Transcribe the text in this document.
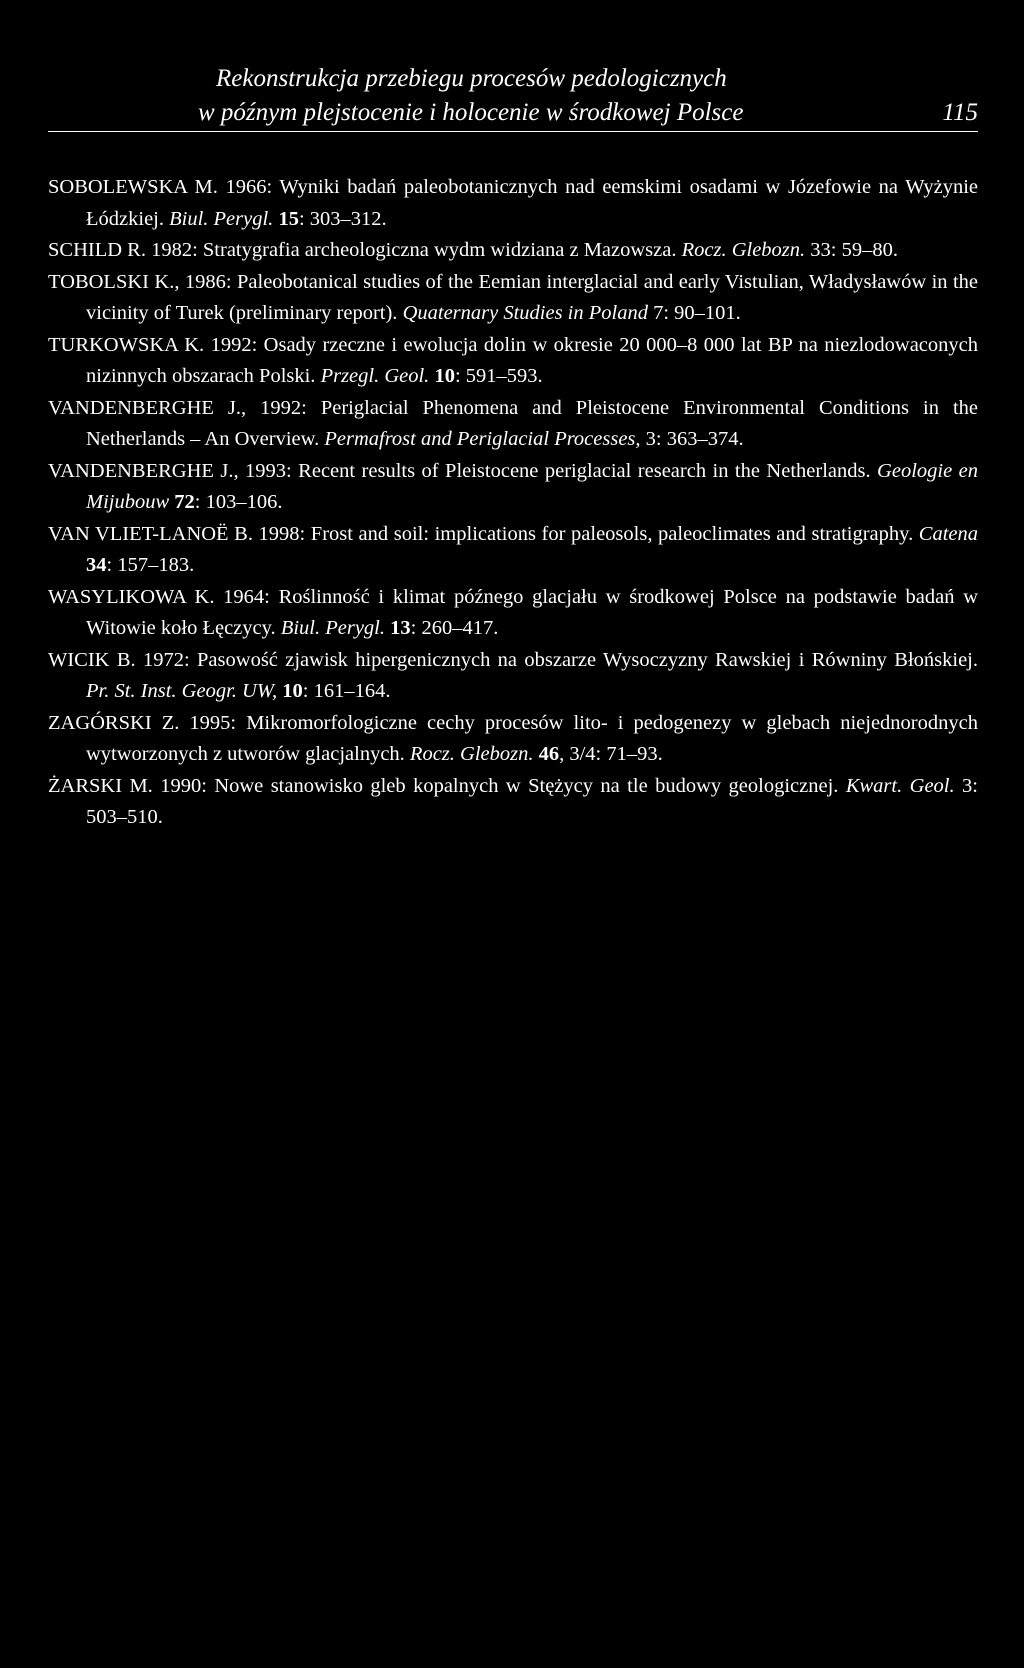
Rekonstrukcja przebiegu procesów pedologicznych
w późnym plejstocenie i holocenie w środkowej Polsce	115
SOBOLEWSKA M. 1966: Wyniki badań paleobotanicznych nad eemskimi osadami w Józefowie na Wyżynie Łódzkiej. Biul. Perygl. 15: 303–312.
SCHILD R. 1982: Stratygrafia archeologiczna wydm widziana z Mazowsza. Rocz. Glebozn. 33: 59–80.
TOBOLSKI K., 1986: Paleobotanical studies of the Eemian interglacial and early Vistulian, Władysławów in the vicinity of Turek (preliminary report). Quaternary Studies in Poland 7: 90–101.
TURKOWSKA K. 1992: Osady rzeczne i ewolucja dolin w okresie 20 000–8 000 lat BP na niezlodowaconych nizinnych obszarach Polski. Przegl. Geol. 10: 591–593.
VANDENBERGHE J., 1992: Periglacial Phenomena and Pleistocene Environmental Conditions in the Netherlands – An Overview. Permafrost and Periglacial Processes, 3: 363–374.
VANDENBERGHE J., 1993: Recent results of Pleistocene periglacial research in the Netherlands. Geologie en Mijubouw 72: 103–106.
VAN VLIET-LANOË B. 1998: Frost and soil: implications for paleosols, paleoclimates and stratigraphy. Catena 34: 157–183.
WASYLIKOWA K. 1964: Roślinność i klimat późnego glacjału w środkowej Polsce na podstawie badań w Witowie koło Łęczycy. Biul. Perygl. 13: 260–417.
WICIK B. 1972: Pasowość zjawisk hipergenicznych na obszarze Wysoczyzny Rawskiej i Równiny Błońskiej. Pr. St. Inst. Geogr. UW, 10: 161–164.
ZAGÓRSKI Z. 1995: Mikromorfologiczne cechy procesów lito- i pedogenezy w glebach niejednorodnych wytworzonych z utworów glacjalnych. Rocz. Glebozn. 46, 3/4: 71–93.
ŻARSKI M. 1990: Nowe stanowisko gleb kopalnych w Stężycy na tle budowy geologicznej. Kwart. Geol. 3: 503–510.
